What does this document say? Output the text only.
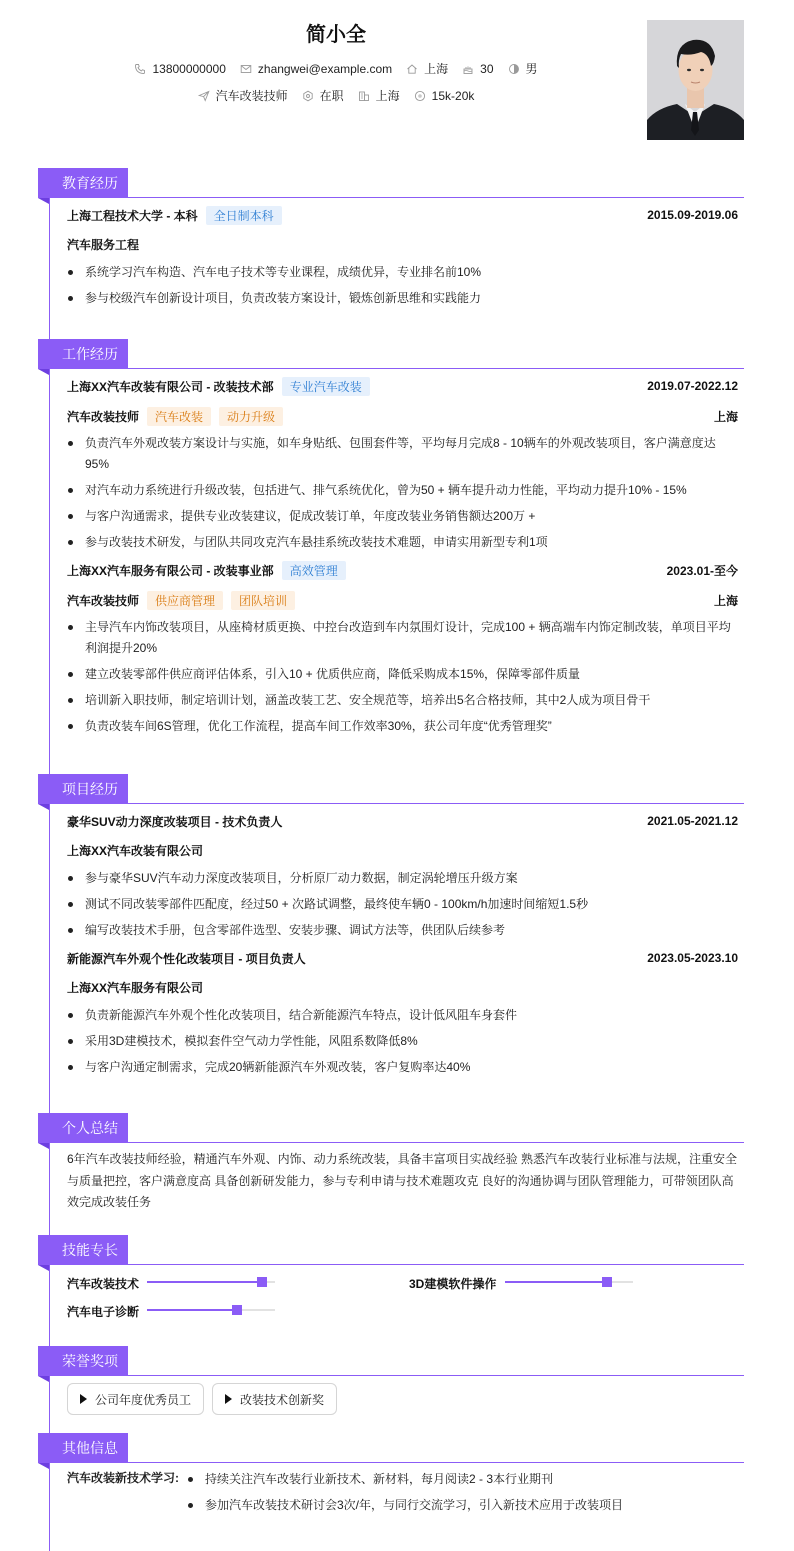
简小全
13800000000	zhangwei@example.com	上海	30	男
汽车改装技师	在职	上海	15k-20k
教育经历
上海工程技术大学 - 本科 全日制本科	2015.09-2019.06
汽车服务工程
系统学习汽车构造、汽车电子技术等专业课程，成绩优异，专业排名前10%
参与校级汽车创新设计项目，负责改装方案设计，锻炼创新思维和实践能力
工作经历
上海XX汽车改装有限公司 - 改装技术部 专业汽车改装	2019.07-2022.12
汽车改装技师 汽车改装 动力升级	上海
负责汽车外观改装方案设计与实施，如车身贴纸、包围套件等，平均每月完成8 - 10辆车的外观改装项目，客户满意度达95%
对汽车动力系统进行升级改装，包括进气、排气系统优化，曾为50 + 辆车提升动力性能，平均动力提升10% - 15%
与客户沟通需求，提供专业改装建议，促成改装订单，年度改装业务销售额达200万 +
参与改装技术研发，与团队共同攻克汽车悬挂系统改装技术难题，申请实用新型专利1项
上海XX汽车服务有限公司 - 改装事业部 高效管理	2023.01-至今
汽车改装技师 供应商管理 团队培训	上海
主导汽车内饰改装项目，从座椅材质更换、中控台改造到车内氛围灯设计，完成100 + 辆高端车内饰定制改装，单项目平均利润提升20%
建立改装零部件供应商评估体系，引入10 + 优质供应商，降低采购成本15%，保障零部件质量
培训新入职技师，制定培训计划，涵盖改装工艺、安全规范等，培养出5名合格技师，其中2人成为项目骨干
负责改装车间6S管理，优化工作流程，提高车间工作效率30%，获公司年度“优秀管理奖”
项目经历
豪华SUV动力深度改装项目 - 技术负责人	2021.05-2021.12
上海XX汽车改装有限公司
参与豪华SUV汽车动力深度改装项目，分析原厂动力数据，制定涡轮增压升级方案
测试不同改装零部件匹配度，经过50 + 次路试调整，最终使车辆0 - 100km/h加速时间缩短1.5秒
编写改装技术手册，包含零部件选型、安装步骤、调试方法等，供团队后续参考
新能源汽车外观个性化改装项目 - 项目负责人	2023.05-2023.10
上海XX汽车服务有限公司
负责新能源汽车外观个性化改装项目，结合新能源汽车特点，设计低风阻车身套件
采用3D建模技术，模拟套件空气动力学性能，风阻系数降低8%
与客户沟通定制需求，完成20辆新能源汽车外观改装，客户复购率达40%
个人总结
6年汽车改装技师经验，精通汽车外观、内饰、动力系统改装，具备丰富项目实战经验 熟悉汽车改装行业标准与法规，注重安全与质量把控，客户满意度高 具备创新研发能力，参与专利申请与技术难题攻克 良好的沟通协调与团队管理能力，可带领团队高效完成改装任务
技能专长
汽车改装技术	3D建模软件操作
汽车电子诊断
荣誉奖项
公司年度优秀员工	改装技术创新奖
其他信息
汽车改装新技术学习:	持续关注汽车改装行业新技术、新材料，每月阅读2 - 3本行业期刊
参加汽车改装技术研讨会3次/年，与同行交流学习，引入新技术应用于改装项目
